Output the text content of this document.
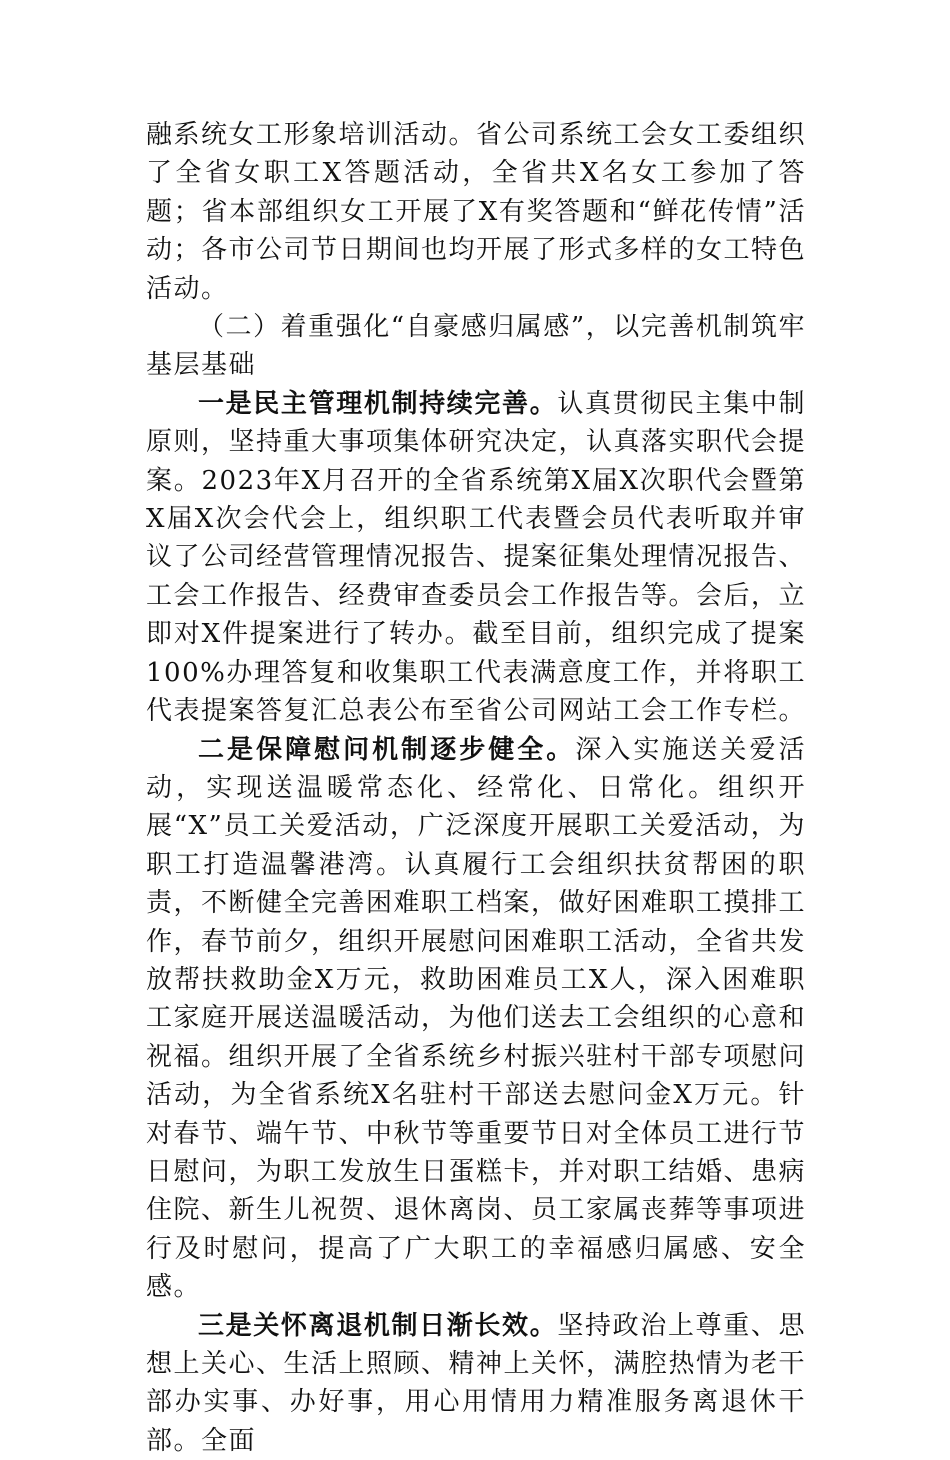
融系统女工形象培训活动。省公司系统工会女工委组织了全省女职工X答题活动，全省共X名女工参加了答题；省本部组织女工开展了X有奖答题和“鲜花传情”活动；各市公司节日期间也均开展了形式多样的女工特色活动。

（二）着重强化“自豪感归属感”，以完善机制筑牢基层基础

一是民主管理机制持续完善。认真贯彻民主集中制原则，坚持重大事项集体研究决定，认真落实职代会提案。2023年X月召开的全省系统第X届X次职代会暨第X届X次会代会上，组织职工代表暨会员代表听取并审议了公司经营管理情况报告、提案征集处理情况报告、工会工作报告、经费审查委员会工作报告等。会后，立即对X件提案进行了转办。截至目前，组织完成了提案100%办理答复和收集职工代表满意度工作，并将职工代表提案答复汇总表公布至省公司网站工会工作专栏。

二是保障慰问机制逐步健全。深入实施送关爱活动，实现送温暖常态化、经常化、日常化。组织开展“X”员工关爱活动，广泛深度开展职工关爱活动，为职工打造温馨港湾。认真履行工会组织扶贫帮困的职责，不断健全完善困难职工档案，做好困难职工摸排工作，春节前夕，组织开展慰问困难职工活动，全省共发放帮扶救助金X万元，救助困难员工X人，深入困难职工家庭开展送温暖活动，为他们送去工会组织的心意和祝福。组织开展了全省系统乡村振兴驻村干部专项慰问活动，为全省系统X名驻村干部送去慰问金X万元。针对春节、端午节、中秋节等重要节日对全体员工进行节日慰问，为职工发放生日蛋糕卡，并对职工结婚、患病住院、新生儿祝贺、退休离岗、员工家属丧葬等事项进行及时慰问，提高了广大职工的幸福感归属感、安全感。

三是关怀离退机制日渐长效。坚持政治上尊重、思想上关心、生活上照顾、精神上关怀，满腔热情为老干部办实事、办好事，用心用情用力精准服务离退休干部。全面
